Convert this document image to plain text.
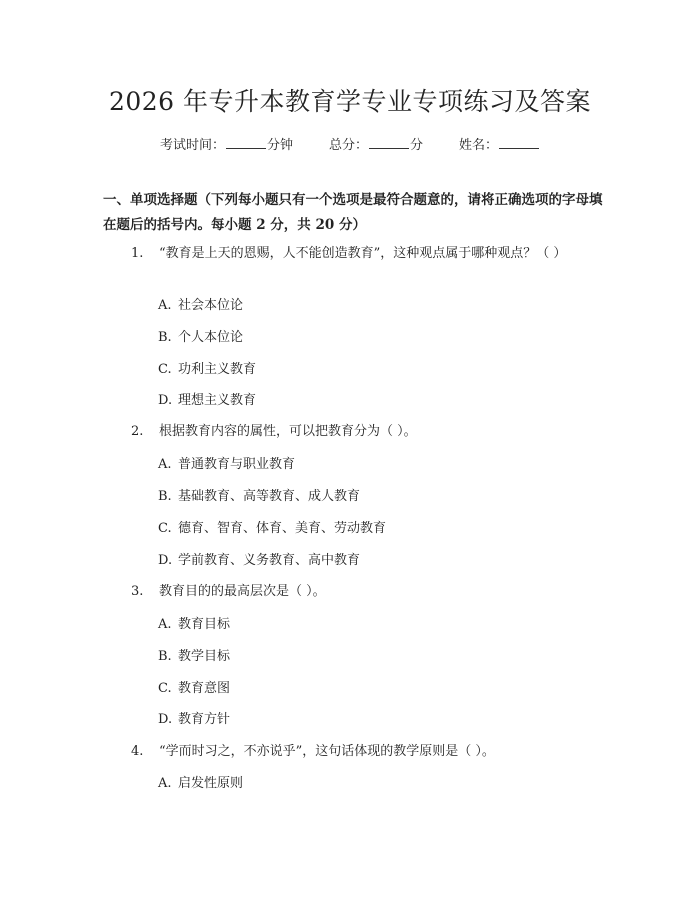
2026 年专升本教育学专业专项练习及答案
考试时间：	分钟	总分：	分	姓名：
一、单项选择题（下列每小题只有一个选项是最符合题意的，请将正确选项的字母填在题后的括号内。每小题 2 分，共 20 分）
1. “教育是上天的恩赐，人不能创造教育”，这种观点属于哪种观点？（ ）
A. 社会本位论
B. 个人本位论
C. 功利主义教育
D. 理想主义教育
2. 根据教育内容的属性，可以把教育分为（ ）。
A. 普通教育与职业教育
B. 基础教育、高等教育、成人教育
C. 德育、智育、体育、美育、劳动教育
D. 学前教育、义务教育、高中教育
3. 教育目的的最高层次是（ ）。
A. 教育目标
B. 教学目标
C. 教育意图
D. 教育方针
4. “学而时习之，不亦说乎”，这句话体现的教学原则是（ ）。
A. 启发性原则
